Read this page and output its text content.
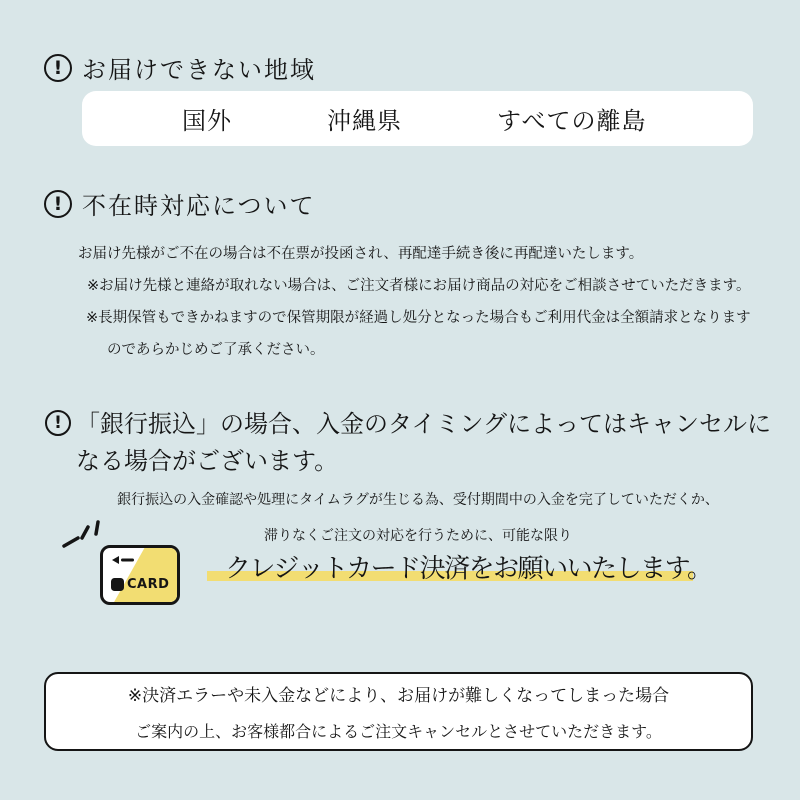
! お届けできない地域
国外	沖縄県	すべての離島
! 不在時対応について
お届け先様がご不在の場合は不在票が投函され、再配達手続き後に再配達いたします。
※お届け先様と連絡が取れない場合は、ご注文者様にお届け商品の対応をご相談させていただきます。
※長期保管もできかねますので保管期限が経過し処分となった場合もご利用代金は全額請求となります
のであらかじめご了承ください。
! 「銀行振込」の場合、入金のタイミングによってはキャンセルに
なる場合がございます。
銀行振込の入金確認や処理にタイムラグが生じる為、受付期間中の入金を完了していただくか、
滞りなくご注文の対応を行うために、可能な限り
クレジットカード決済をお願いいたします。
CARD
※決済エラーや未入金などにより、お届けが難しくなってしまった場合
ご案内の上、お客様都合によるご注文キャンセルとさせていただきます。
